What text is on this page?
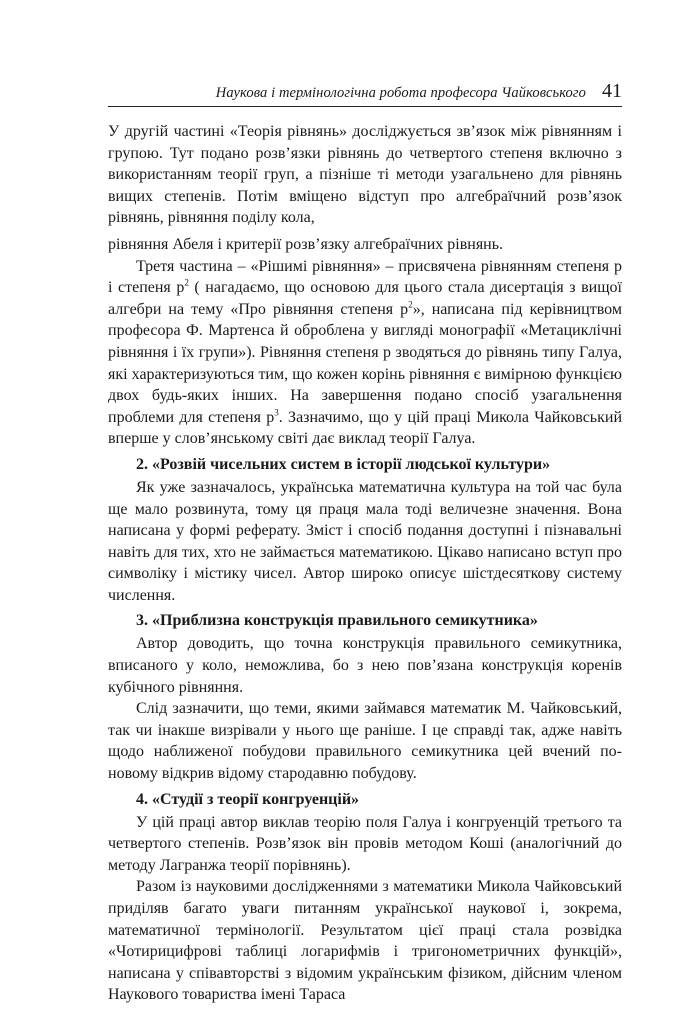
Наукова і термінологічна робота професора Чайковського 41

У другій частині «Теорія рівнянь» досліджується зв’язок між рівнянням і групою. Тут подано розв’язки рівнянь до четвертого степеня включно з використанням теорії груп, а пізніше ті методи узагальнено для рівнянь вищих степенів. Потім вміщено відступ про алгебраїчний розв’язок рівнянь, рівняння поділу кола,

рівняння Абеля і критерії розв’язку алгебраїчних рівнянь.

Третя частина – «Рішимі рівняння» – присвячена рівнянням степеня p і степеня $p^2$ ( нагадаємо, що основою для цього стала дисертація з вищої алгебри на тему «Про рівняння степеня $p^2$», написана під керівництвом професора Ф. Мартенса й оброблена у вигляді монографії «Метациклічні рівняння і їх групи»). Рівняння степеня p зводяться до рівнянь типу Галуа, які характеризуються тим, що кожен корінь рівняння є вимірною функцією двох будь-яких інших. На завершення подано спосіб узагальнення проблеми для степеня $p^3$. Зазначимо, що у цій праці Микола Чайковський вперше у слов’янському світі дає виклад теорії Галуа.

2. «Розвій чисельних систем в історії людської культури»

Як уже зазначалось, українська математична культура на той час була ще мало розвинута, тому ця праця мала тоді величезне значення. Вона написана у формі реферату. Зміст і спосіб подання доступні і пізнавальні навіть для тих, хто не займається математикою. Цікаво написано вступ про символіку і містику чисел. Автор широко описує шістдесяткову систему числення.

3. «Приблизна конструкція правильного семикутника»

Автор доводить, що точна конструкція правильного семикутника, вписаного у коло, неможлива, бо з нею пов’язана конструкція коренів кубічного рівняння.

Слід зазначити, що теми, якими займався математик М. Чайковський, так чи інакше визрівали у нього ще раніше. І це справді так, адже навіть щодо наближеної побудови правильного семикутника цей вчений по-новому відкрив відому стародавню побудову.

4. «Студії з теорії конгруенцій»

У цій праці автор виклав теорію поля Галуа і конгруенцій третього та четвертого степенів. Розв’язок він провів методом Коші (аналогічний до методу Лагранжа теорії порівнянь).

Разом із науковими дослідженнями з математики Микола Чайковський приділяв багато уваги питанням української наукової і, зокрема, математичної термінології. Результатом цієї праці стала розвідка «Чотирицифрові таблиці логарифмів і тригонометричних функцій», написана у співавторстві з відомим українським фізиком, дійсним членом Наукового товариства імені Тараса
